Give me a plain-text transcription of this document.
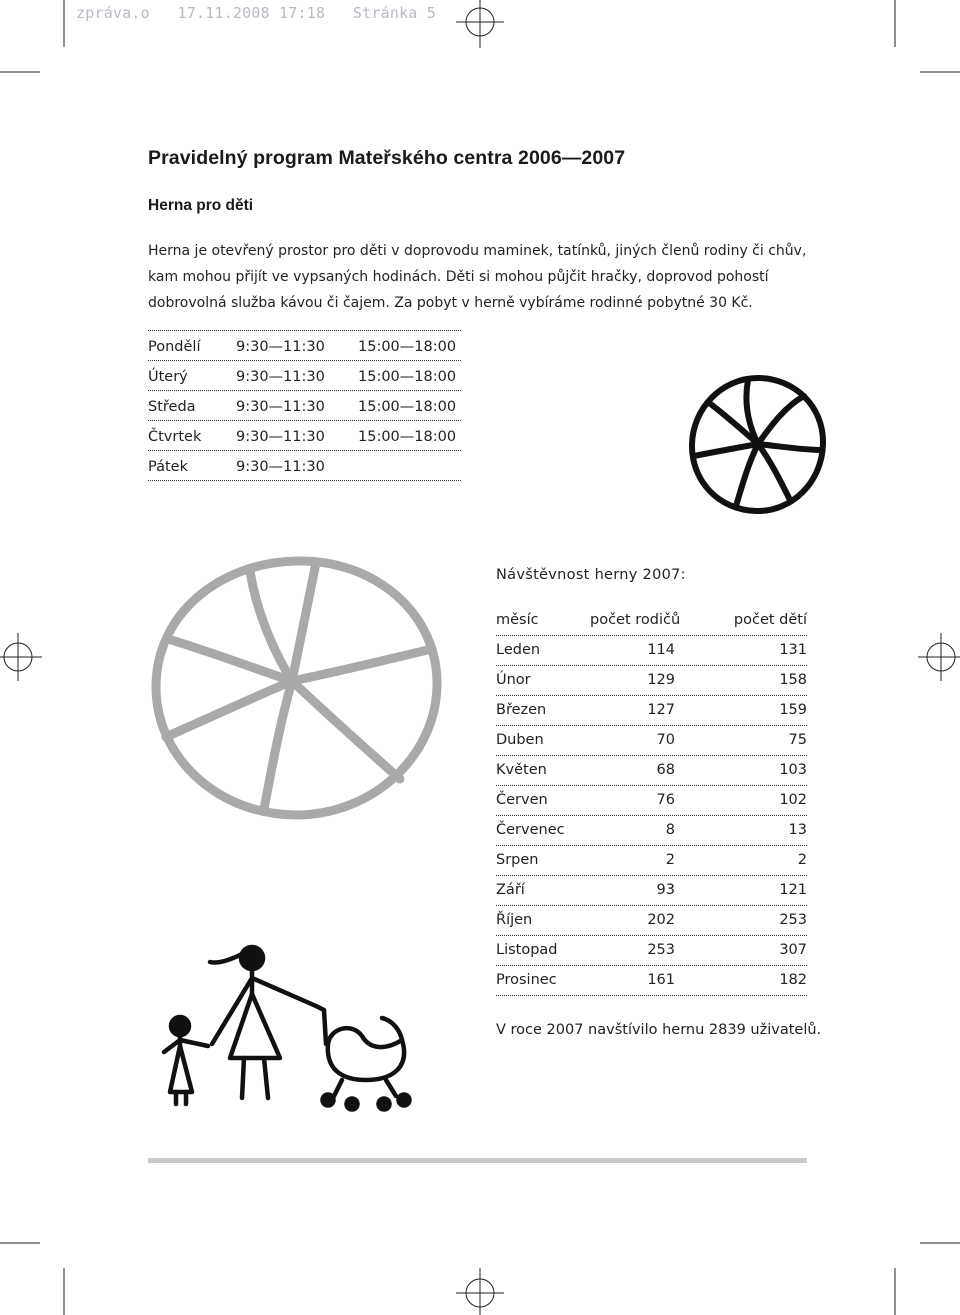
zpráva.o   17.11.2008 17:18   Stránka 5
Pravidelný program Mateřského centra 2006—2007
Herna pro děti
Herna je otevřený prostor pro děti v doprovodu maminek, tatínků, jiných členů rodiny či chův,
kam mohou přijít ve vypsaných hodinách. Děti si mohou půjčit hračky, doprovod pohostí
dobrovolná služba kávou či čajem. Za pobyt v herně vybíráme rodinné pobytné 30 Kč.
Pondělí 9:30—11:30 15:00—18:00
Úterý	9:30—11:30 15:00—18:00
Středa	9:30—11:30 15:00—18:00
Čtvrtek 9:30—11:30 15:00—18:00
Pátek	9:30—11:30
Návštěvnost herny 2007:
měsíc	počet rodičů	počet dětí
Leden	114	131
Únor	129	158
Březen	127	159
Duben	70	75
Květen	68	103
Červen	76	102
Červenec	8	13
Srpen	2	2
Září	93	121
Říjen	202	253
Listopad	253	307
Prosinec	161	182
V roce 2007 navštívilo hernu 2839 uživatelů.
